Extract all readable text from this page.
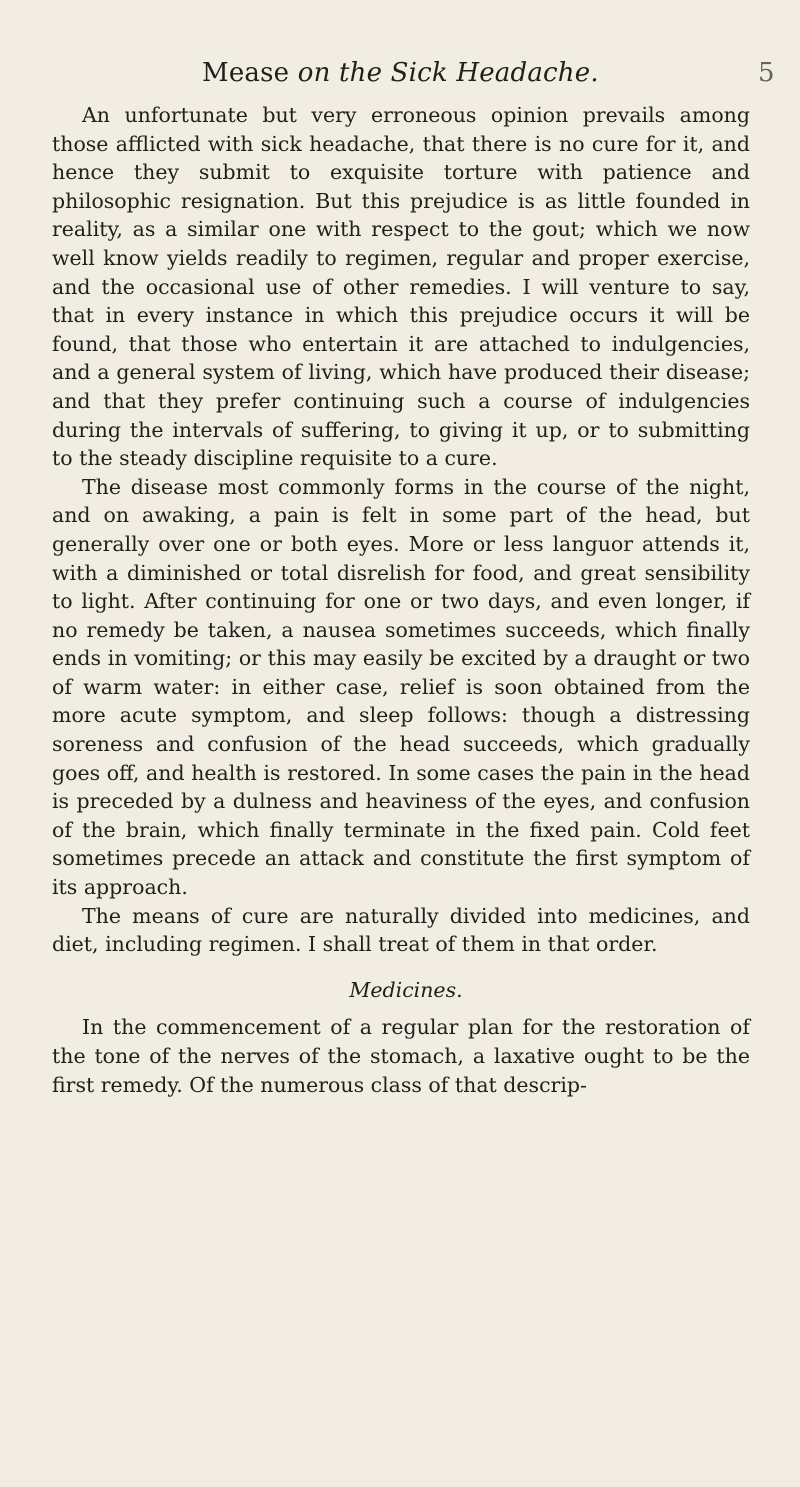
Mease on the Sick Headache.	5

An unfortunate but very erroneous opinion prevails among those afflicted with sick headache, that there is no cure for it, and hence they submit to exquisite torture with patience and philosophic resignation. But this prejudice is as little founded in reality, as a similar one with respect to the gout; which we now well know yields readily to regimen, regular and proper exercise, and the occasional use of other remedies. I will venture to say, that in every instance in which this prejudice occurs it will be found, that those who entertain it are attached to indulgencies, and a general system of living, which have produced their disease; and that they prefer continuing such a course of indulgencies during the intervals of suffering, to giving it up, or to submitting to the steady discipline requisite to a cure.

The disease most commonly forms in the course of the night, and on awaking, a pain is felt in some part of the head, but generally over one or both eyes. More or less languor attends it, with a diminished or total disrelish for food, and great sensibility to light. After continuing for one or two days, and even longer, if no remedy be taken, a nausea sometimes succeeds, which finally ends in vomiting; or this may easily be excited by a draught or two of warm water: in either case, relief is soon obtained from the more acute symptom, and sleep follows: though a distressing soreness and confusion of the head succeeds, which gradually goes off, and health is restored. In some cases the pain in the head is preceded by a dulness and heaviness of the eyes, and confusion of the brain, which finally terminate in the fixed pain. Cold feet sometimes precede an attack and constitute the first symptom of its approach.

The means of cure are naturally divided into medicines, and diet, including regimen. I shall treat of them in that order.

Medicines.

In the commencement of a regular plan for the restoration of the tone of the nerves of the stomach, a laxative ought to be the first remedy. Of the numerous class of that descrip-
